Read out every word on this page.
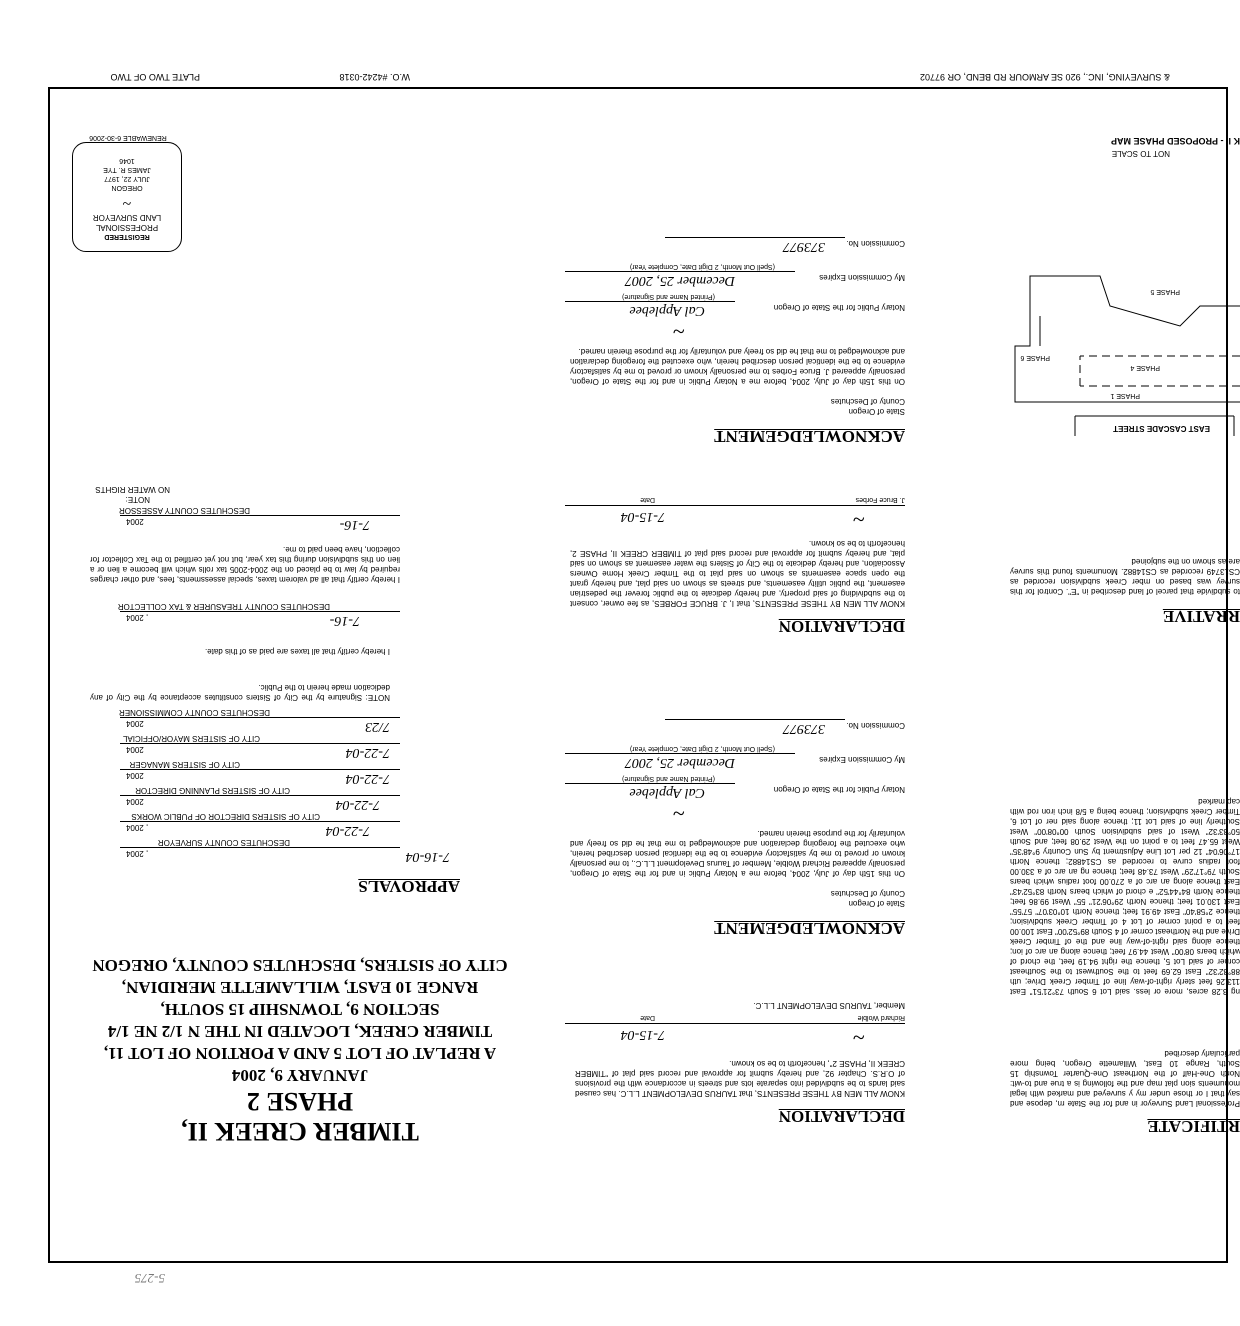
W.O. #4242-0318
PLATE TWO OF TWO	& SURVEYING, INC., 920 SE ARMOUR RD BEND, OR 97702
TIMBER CREEK II,
PHASE 2
JANUARY 9, 2004
A REPLAT OF LOT 5 AND A PORTION OF LOT 11,
TIMBER CREEK, LOCATED IN THE N 1/2 NE 1/4
SECTION 9, TOWNSHIP 15 SOUTH,
RANGE 10 EAST, WILLAMETTE MERIDIAN,
CITY OF SISTERS, DESCHUTES COUNTY, OREGON
APPROVALS
7-16-04
, 2004
DESCHUTES COUNTY SURVEYOR
7-22-04
, 2004
CITY OF SISTERS DIRECTOR OF PUBLIC WORKS
7-22-04
2004
CITY OF SISTERS PLANNING DIRECTOR
7-22-04
2004
CITY OF SISTERS MANAGER
7-22-04
2004
CITY OF SISTERS MAYOR/OFFICIAL
7/23
2004
DESCHUTES COUNTY COMMISSIONER
NOTE: Signature by the City of Sisters constitutes acceptance by the City of any dedication made herein to the Public.
I hereby certify that all taxes are paid as of this date.
7-16-
, 2004
DESCHUTES COUNTY TREASURER & TAX COLLECTOR
I hereby certify that all ad valorem taxes, special assessments, fees, and other charges required by law to be placed on the 2004-2005 tax rolls which will become a lien or a lien on this subdivision during this tax year, but not yet certified to the Tax Collector for collection, have been paid to me.
7-16-
2004
DESCHUTES COUNTY ASSESSOR
NOTE:
NO WATER RIGHTS
REGISTERED
PROFESSIONAL
LAND SURVEYOR
~
OREGON
JULY 22, 1977
JAMES R. TYE
1046
RENEWABLE 6-30-2006
DECLARATION
KNOW ALL MEN BY THESE PRESENTS, that TAURUS DEVELOPMENT L.L.C. has caused said lands to be subdivided into separate lots and streets in accordance with the provisions of O.R.S. Chapter 92, and hereby submit for approval and record said plat of "TIMBER CREEK II, PHASE 2", henceforth to be so known.
~
7-15-04
Richard Wolble
Date
Member, TAURUS DEVELOPMENT L.L.C.
ACKNOWLEDGEMENT
State of Oregon
County of Deschutes
On this 15th day of July, 2004, before me a Notary Public in and for the State of Oregon, personally appeared Richard Wolble, Member of Taurus Development L.L.C., to me personally known or proved to me by satisfactory evidence to be the identical person described herein, who executed the foregoing declaration and acknowledged to me that he did so freely and voluntarily for the purpose therein named.
~
Notary Public for the State of Oregon
Cal Applebee
(Printed Name and Signature)
My Commission Expires
December 25, 2007
(Spell Out Month, 2 Digit Date, Complete Year)
Commission No.
373977
DECLARATION
KNOW ALL MEN BY THESE PRESENTS, that I, J. BRUCE FORBES, as fee owner, consent to the subdividing of said property, and hereby dedicate to the public forever the pedestrian easement, the public utility easements, and streets as shown on said plat, and hereby grant the open space easements as shown on said plat to the Timber Creek Home Owners Association, and hereby dedicate to the City of Sisters the water easement as shown on said plat, and hereby submit for approval and record said plat of TIMBER CREEK II, PHASE 2, henceforth to be so known.
~
7-15-04
J. Bruce Forbes
Date
ACKNOWLEDGEMENT
State of Oregon
County of Deschutes
On this 15th day of July, 2004, before me a Notary Public in and for the State of Oregon, personally appeared J. Bruce Forbes to me personally known or proved to me by satisfactory evidence to be the identical person described herein, who executed the foregoing declaration and acknowledged to me that he did so freely and voluntarily for the purpose therein named.
~
Notary Public for the State of Oregon
Cal Applebee
(Printed Name and Signature)
My Commission Expires
December 25, 2007
(Spell Out Month, 2 Digit Date, Complete Year)
Commission No.
373977
RTIFICATE
Professional Land Surveyor in and for the State rn, depose and say that I or those under my y surveyed and marked with legal monuments sion plat map and the following is a true and to-wit: North One-Half of the Northeast One-Quarter Township 15 South, Range 10 East, Willamette Oregon, being more particularly described
ng 3.28 acres, more or less. said Lot 6 South 73°21'51" East 113.26 feet sterly right-of-way line of Timber Creek Drive; uth 88°32'32" East 62.69 feet to the Southwest to the Southeast corner of said Lot 5, thence the right 94.19 feet, the chord of which bears 08'00" West 44.97 feet; thence along an arc of ion; thence along said right-of-way line and the of Timber Creek Drive and the Northeast corner of 4 South 89°52'00" East 100.00 feet to a point corner of Lot 4 of Timber Creek subdivision; thence 2°58'40" East 49.91 feet; thence North 10°03'07" 57'55" East 130.01 feet; thence North 29°06'21" 55" West 99.86 feet; thence North 84°44'52" e chord of which bears North 83°52'43" East thence along an arc of a 270.00 foot radius which bears South 79°17'29" West 73.48 feet; thence ng an arc of a 330.00 foot radius curve to recorded as CS14882; thence North 17°06'04" 12 per Lot Line Adjustment by Sun Country 9°48'35" West 65.47 feet to a point on the West 29.08 feet; and South 50°33'32" West of said subdivision South 00°08'00" West Southerly line of said Lot 11; thence along said ner of Lot 6, Timber Creek subdivision; thence being a 5/8 inch iron rod with cap marked
RRATIVE
to subdivide that parcel of land described in "E". Control for this survey was based on mber Creek subdivision recorded as CS13749 recorded as CS14882. Monuments found this survey are as shown on the subjoined
EAST CASCADE STREET
PHASE 1
PHASE 4
PHASE 6
PHASE 5
K II - PROPOSED PHASE MAP
NOT TO SCALE
5-275
